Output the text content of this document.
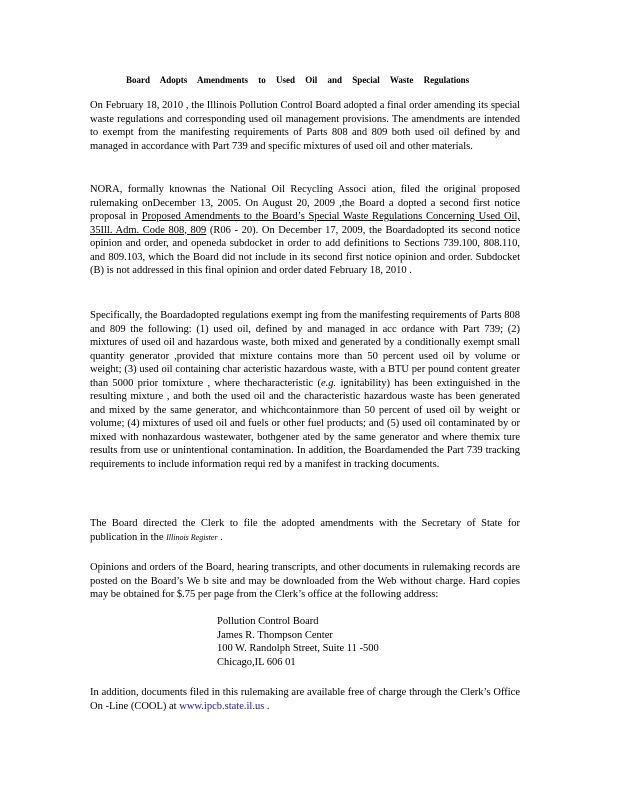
Board Adopts Amendments to Used Oil and Special Waste Regulations

On February 18, 2010 , the Illinois Pollution Control Board adopted a final order amending its special waste regulations and corresponding used oil management provisions. The amendments are intended to exempt from the manifesting requirements of Parts 808 and 809 both used oil defined by and managed in accordance with Part 739 and specific mixtures of used oil and other materials.

NORA, formally knownas the National Oil Recycling Associ ation, filed the original proposed rulemaking onDecember 13, 2005. On August 20, 2009 ,the Board a dopted a second first notice proposal in Proposed Amendments to the Board’s Special Waste Regulations Concerning Used Oil, 35Ill. Adm. Code 808, 809 (R06 - 20). On December 17, 2009, the Boardadopted its second notice opinion and order, and openeda subdocket in order to add definitions to Sections 739.100, 808.110, and 809.103, which the Board did not include in its second first notice opinion and order. Subdocket (B) is not addressed in this final opinion and order dated February 18, 2010 .

Specifically, the Boardadopted regulations exempt ing from the manifesting requirements of Parts 808 and 809 the following: (1) used oil, defined by and managed in acc ordance with Part 739; (2) mixtures of used oil and hazardous waste, both mixed and generated by a conditionally exempt small quantity generator ,provided that mixture contains more than 50 percent used oil by volume or weight; (3) used oil containing char acteristic hazardous waste, with a BTU per pound content greater than 5000 prior tomixture , where thecharacteristic (e.g. ignitability) has been extinguished in the resulting mixture , and both the used oil and the characteristic hazardous waste has been generated and mixed by the same generator, and whichcontainmore than 50 percent of used oil by weight or volume; (4) mixtures of used oil and fuels or other fuel products; and (5) used oil contaminated by or mixed with nonhazardous wastewater, bothgener ated by the same generator and where themix ture results from use or unintentional contamination. In addition, the Boardamended the Part 739 tracking requirements to include information requi red by a manifest in tracking documents.

The Board directed the Clerk to file the adopted amendments with the Secretary of State for publication in the Illinois Register .

Opinions and orders of the Board, hearing transcripts, and other documents in rulemaking records are posted on the Board’s We b site and may be downloaded from the Web without charge. Hard copies may be obtained for $.75 per page from the Clerk’s office at the following address:

Pollution Control Board
James R. Thompson Center
100 W. Randolph Street, Suite 11 -500
Chicago,IL 606 01

In addition, documents filed in this rulemaking are available free of charge through the Clerk’s Office On -Line (COOL) at www.ipcb.state.il.us .
